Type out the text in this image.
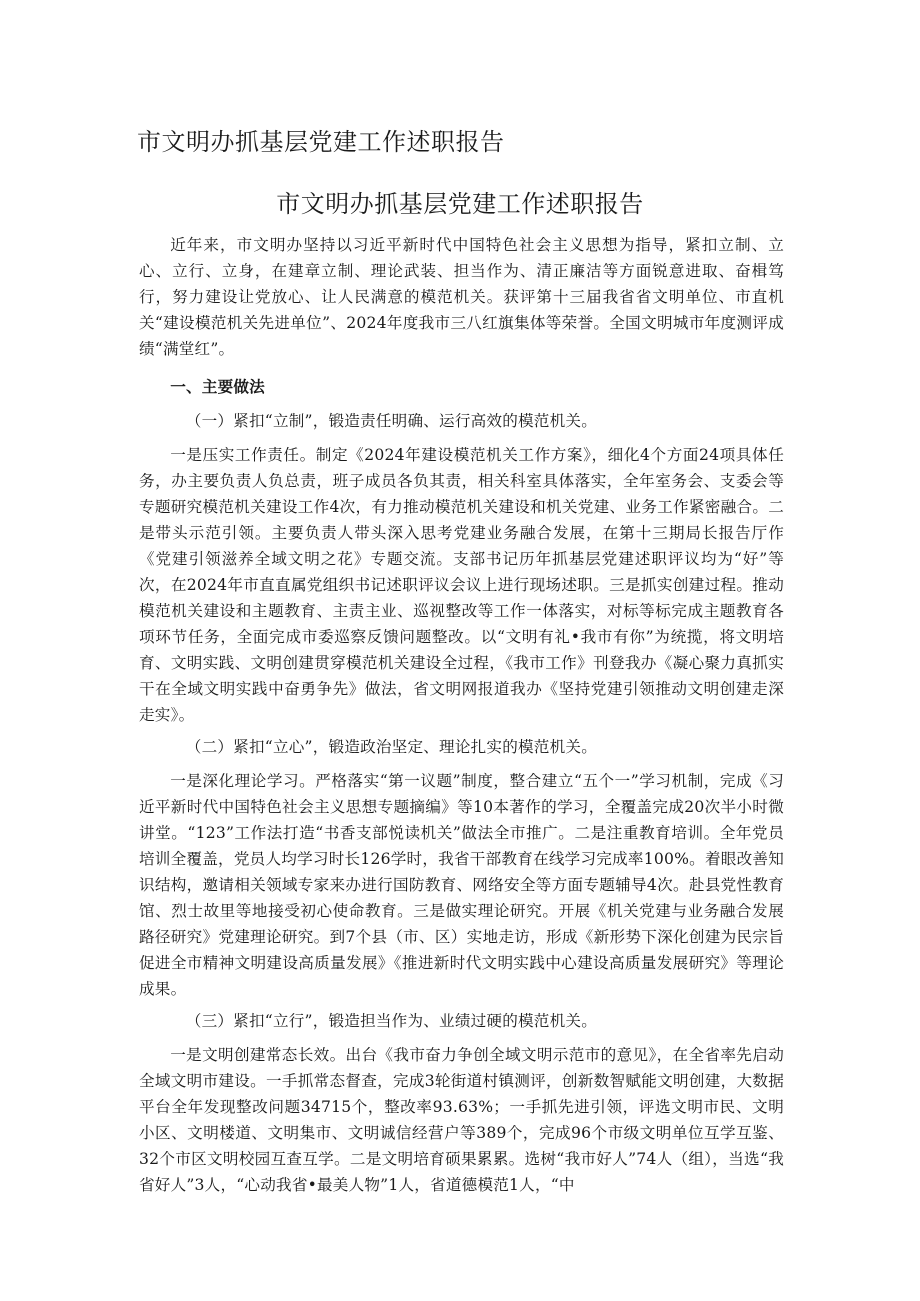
市文明办抓基层党建工作述职报告
市文明办抓基层党建工作述职报告

近年来，市文明办坚持以习近平新时代中国特色社会主义思想为指导，紧扣立制、立心、立行、立身，在建章立制、理论武装、担当作为、清正廉洁等方面锐意进取、奋楫笃行，努力建设让党放心、让人民满意的模范机关。获评第十三届我省省文明单位、市直机关“建设模范机关先进单位”、2024年度我市三八红旗集体等荣誉。全国文明城市年度测评成绩“满堂红”。

一、主要做法

（一）紧扣“立制”，锻造责任明确、运行高效的模范机关。

一是压实工作责任。制定《2024年建设模范机关工作方案》，细化4个方面24项具体任务，办主要负责人负总责，班子成员各负其责，相关科室具体落实，全年室务会、支委会等专题研究模范机关建设工作4次，有力推动模范机关建设和机关党建、业务工作紧密融合。二是带头示范引领。主要负责人带头深入思考党建业务融合发展，在第十三期局长报告厅作《党建引领滋养全域文明之花》专题交流。支部书记历年抓基层党建述职评议均为“好”等次，在2024年市直直属党组织书记述职评议会议上进行现场述职。三是抓实创建过程。推动模范机关建设和主题教育、主责主业、巡视整改等工作一体落实，对标等标完成主题教育各项环节任务，全面完成市委巡察反馈问题整改。以“文明有礼•我市有你”为统揽，将文明培育、文明实践、文明创建贯穿模范机关建设全过程，《我市工作》刊登我办《凝心聚力真抓实干在全域文明实践中奋勇争先》做法，省文明网报道我办《坚持党建引领推动文明创建走深走实》。

（二）紧扣“立心”，锻造政治坚定、理论扎实的模范机关。

一是深化理论学习。严格落实“第一议题”制度，整合建立“五个一”学习机制，完成《习近平新时代中国特色社会主义思想专题摘编》等10本著作的学习，全覆盖完成20次半小时微讲堂。“123”工作法打造“书香支部悦读机关”做法全市推广。二是注重教育培训。全年党员培训全覆盖，党员人均学习时长126学时，我省干部教育在线学习完成率100%。着眼改善知识结构，邀请相关领域专家来办进行国防教育、网络安全等方面专题辅导4次。赴县党性教育馆、烈士故里等地接受初心使命教育。三是做实理论研究。开展《机关党建与业务融合发展路径研究》党建理论研究。到7个县（市、区）实地走访，形成《新形势下深化创建为民宗旨促进全市精神文明建设高质量发展》《推进新时代文明实践中心建设高质量发展研究》等理论成果。

（三）紧扣“立行”，锻造担当作为、业绩过硬的模范机关。

一是文明创建常态长效。出台《我市奋力争创全域文明示范市的意见》，在全省率先启动全域文明市建设。一手抓常态督查，完成3轮街道村镇测评，创新数智赋能文明创建，大数据平台全年发现整改问题34715个，整改率93.63%；一手抓先进引领，评选文明市民、文明小区、文明楼道、文明集市、文明诚信经营户等389个，完成96个市级文明单位互学互鉴、32个市区文明校园互查互学。二是文明培育硕果累累。选树“我市好人”74人（组），当选“我省好人”3人，“心动我省•最美人物”1人，省道德模范1人，“中
